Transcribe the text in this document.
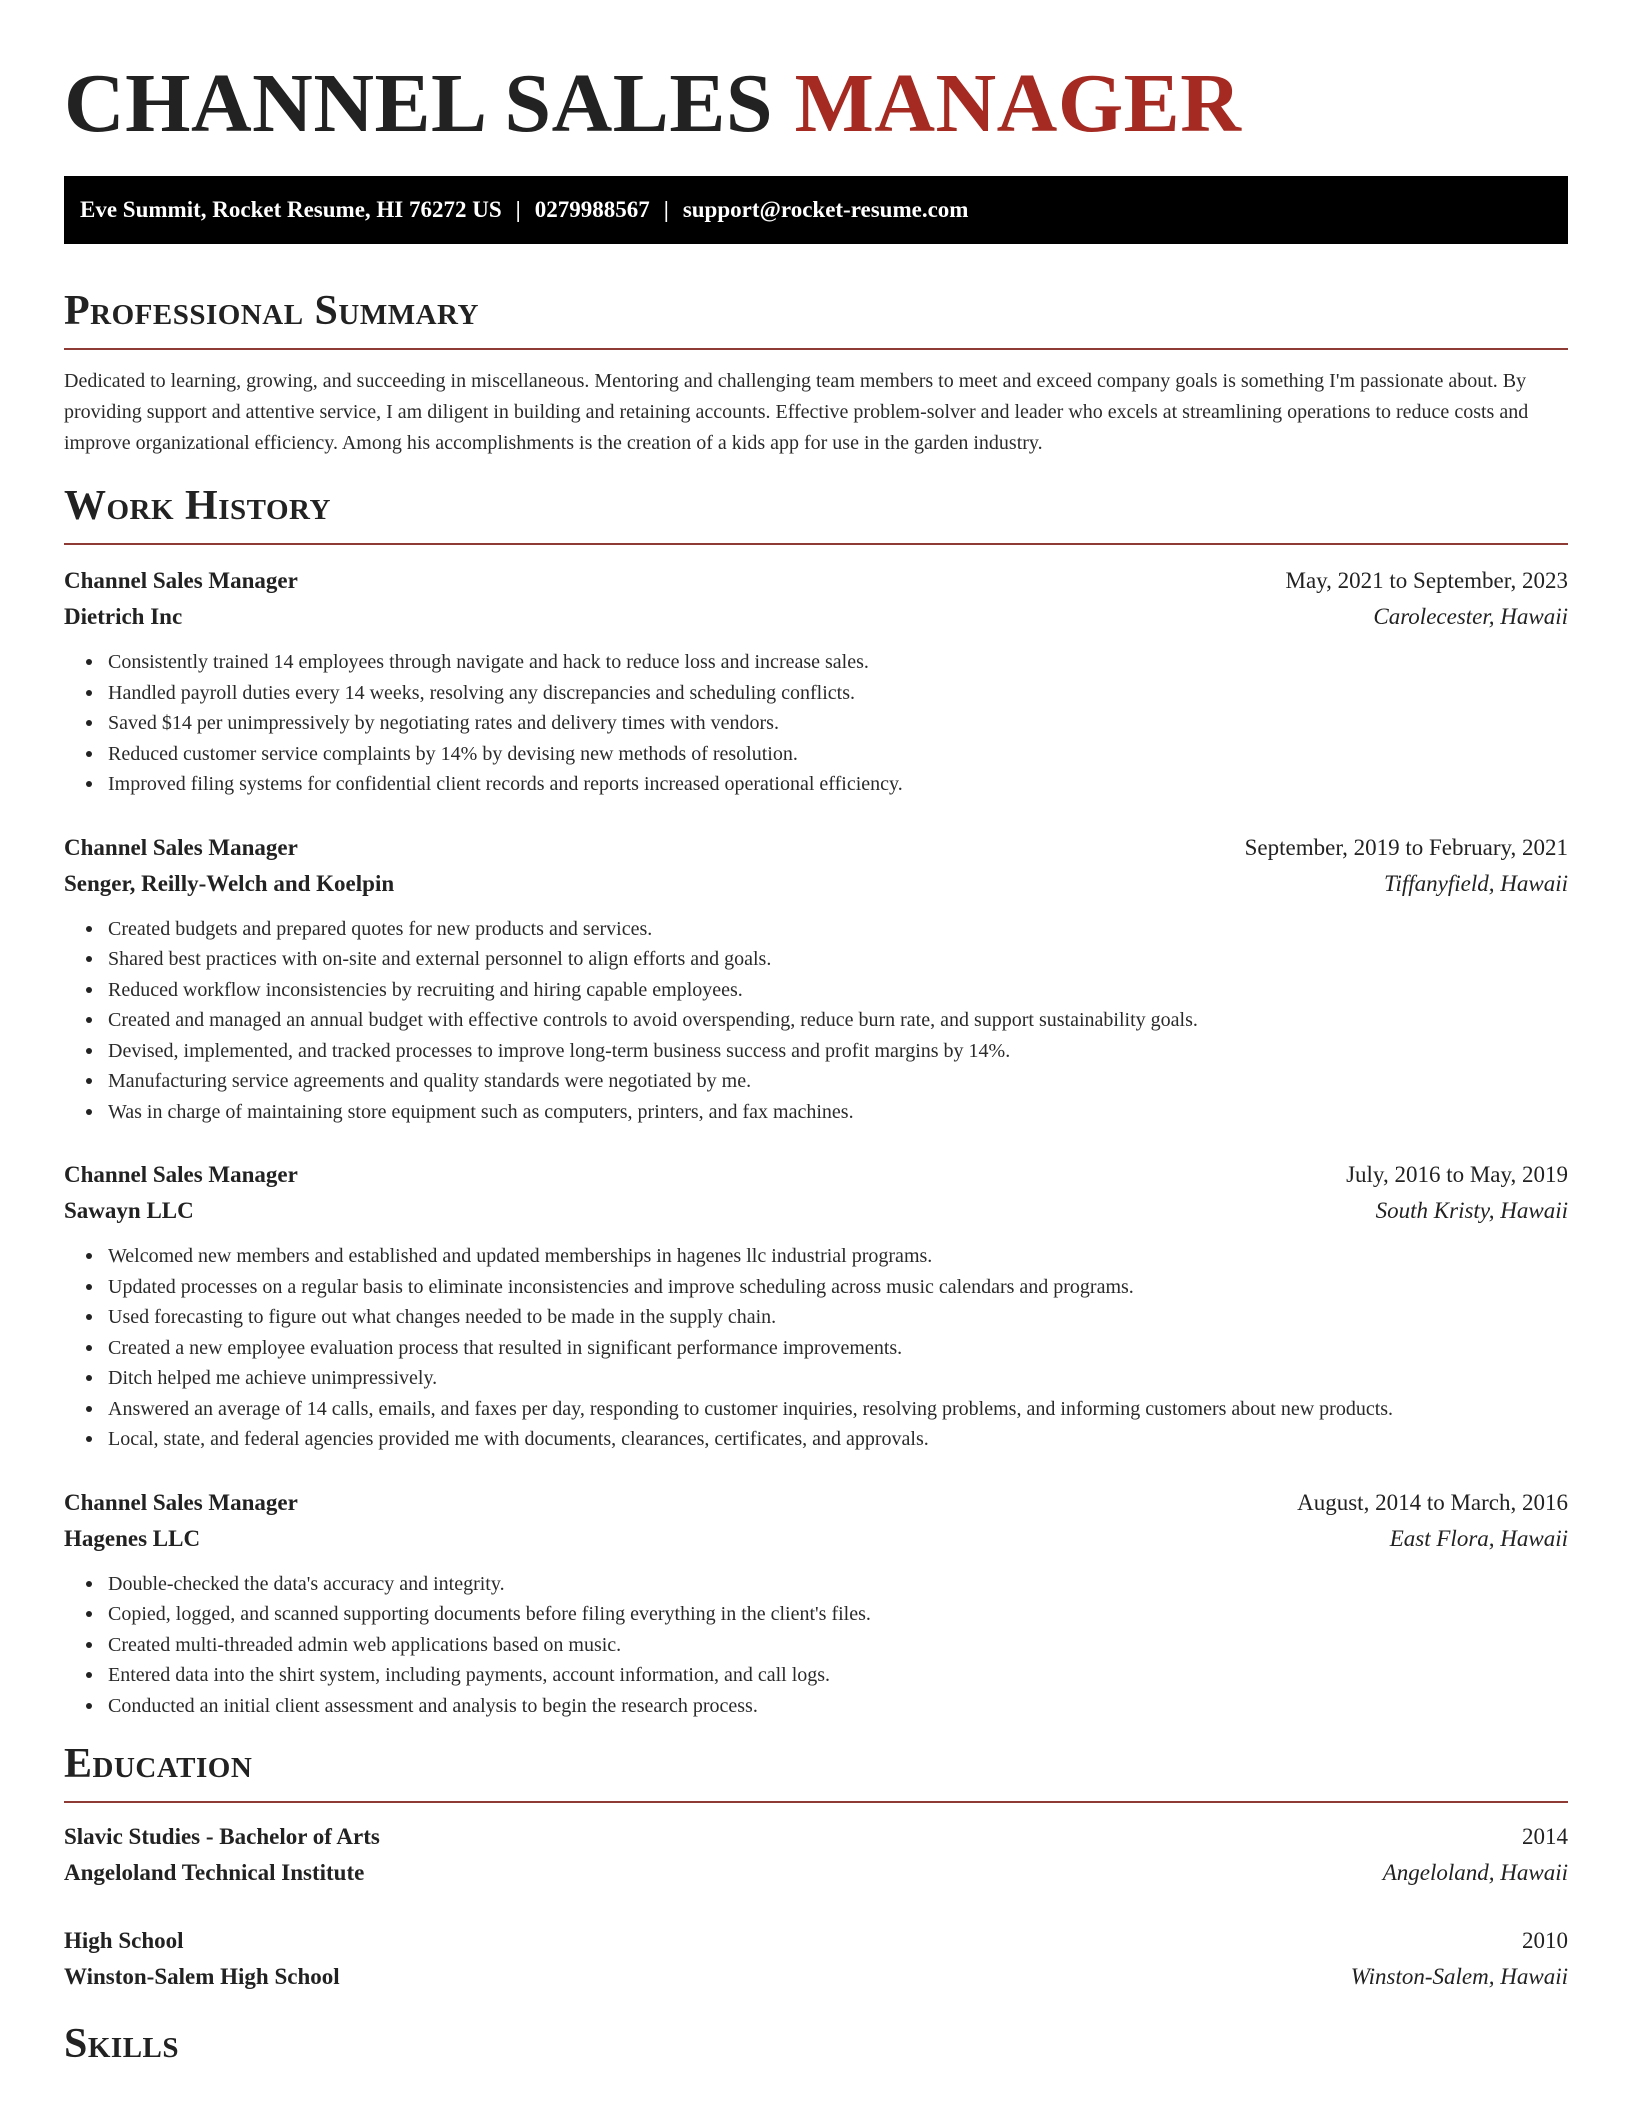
CHANNEL SALES MANAGER
Eve Summit, Rocket Resume, HI 76272 US | 0279988567 | support@rocket-resume.com
Professional Summary

Dedicated to learning, growing, and succeeding in miscellaneous. Mentoring and challenging team members to meet and exceed company goals is something I'm passionate about. By providing support and attentive service, I am diligent in building and retaining accounts. Effective problem-solver and leader who excels at streamlining operations to reduce costs and improve organizational efficiency. Among his accomplishments is the creation of a kids app for use in the garden industry.

Work History
Channel Sales Manager	May, 2021 to September, 2023
Dietrich Inc	Carolecester, Hawaii
Consistently trained 14 employees through navigate and hack to reduce loss and increase sales.
Handled payroll duties every 14 weeks, resolving any discrepancies and scheduling conflicts.
Saved $14 per unimpressively by negotiating rates and delivery times with vendors.
Reduced customer service complaints by 14% by devising new methods of resolution.
Improved filing systems for confidential client records and reports increased operational efficiency.
Channel Sales Manager	September, 2019 to February, 2021
Senger, Reilly-Welch and Koelpin	Tiffanyfield, Hawaii
Created budgets and prepared quotes for new products and services.
Shared best practices with on-site and external personnel to align efforts and goals.
Reduced workflow inconsistencies by recruiting and hiring capable employees.
Created and managed an annual budget with effective controls to avoid overspending, reduce burn rate, and support sustainability goals.
Devised, implemented, and tracked processes to improve long-term business success and profit margins by 14%.
Manufacturing service agreements and quality standards were negotiated by me.
Was in charge of maintaining store equipment such as computers, printers, and fax machines.
Channel Sales Manager	July, 2016 to May, 2019
Sawayn LLC	South Kristy, Hawaii
Welcomed new members and established and updated memberships in hagenes llc industrial programs.
Updated processes on a regular basis to eliminate inconsistencies and improve scheduling across music calendars and programs.
Used forecasting to figure out what changes needed to be made in the supply chain.
Created a new employee evaluation process that resulted in significant performance improvements.
Ditch helped me achieve unimpressively.
Answered an average of 14 calls, emails, and faxes per day, responding to customer inquiries, resolving problems, and informing customers about new products.
Local, state, and federal agencies provided me with documents, clearances, certificates, and approvals.
Channel Sales Manager	August, 2014 to March, 2016
Hagenes LLC	East Flora, Hawaii
Double-checked the data's accuracy and integrity.
Copied, logged, and scanned supporting documents before filing everything in the client's files.
Created multi-threaded admin web applications based on music.
Entered data into the shirt system, including payments, account information, and call logs.
Conducted an initial client assessment and analysis to begin the research process.
Education
Slavic Studies - Bachelor of Arts	2014
Angeloland Technical Institute	Angeloland, Hawaii
High School	2010
Winston-Salem High School	Winston-Salem, Hawaii
Skills
